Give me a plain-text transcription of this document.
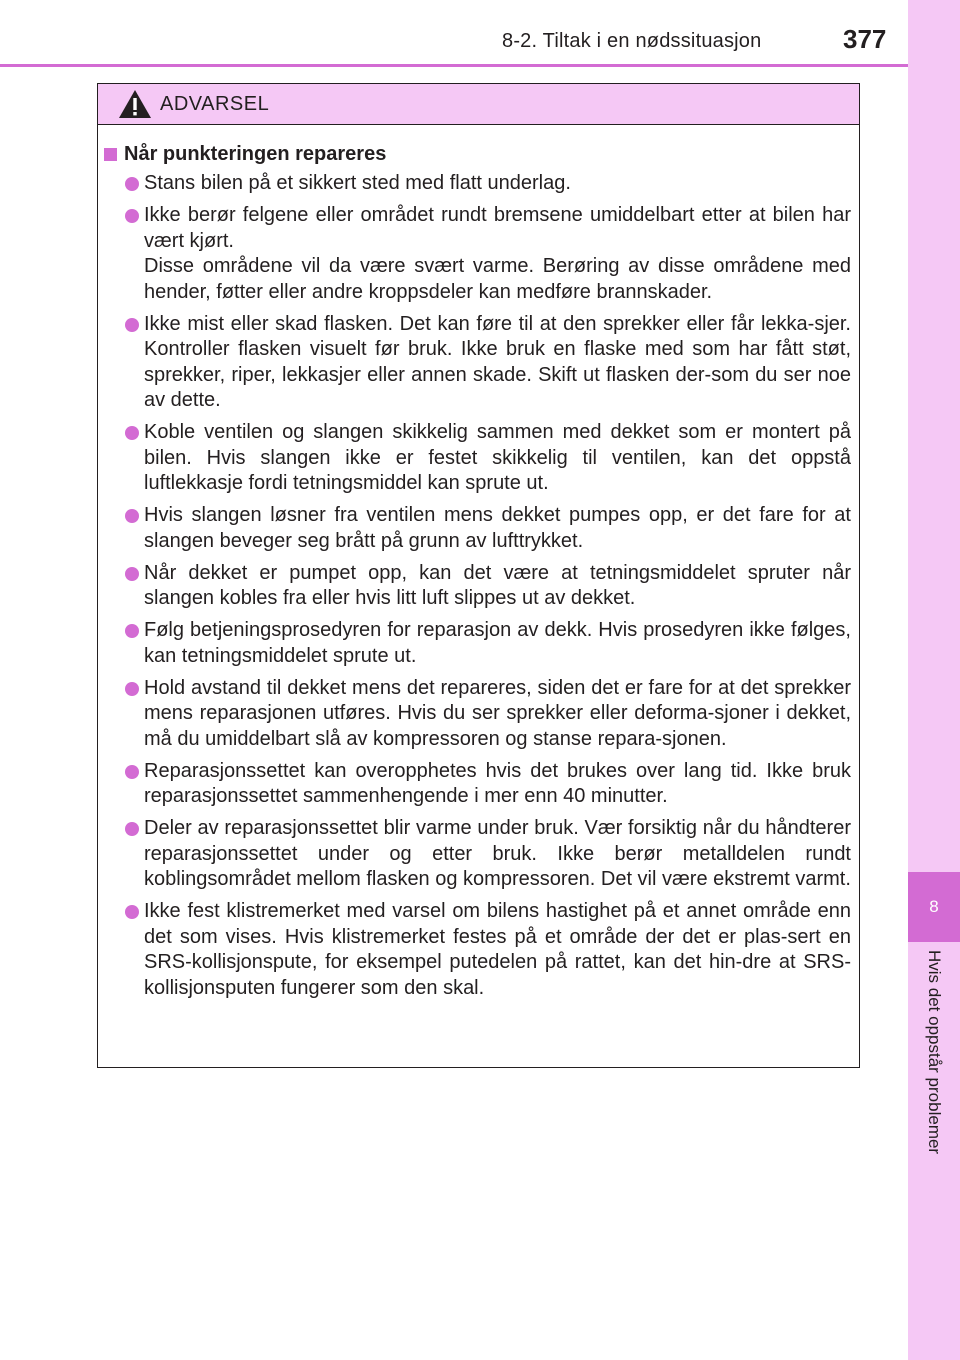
8
Hvis det oppstår problemer
8-2. Tiltak i en nødssituasjon	377
ADVARSEL
Når punkteringen repareres
Stans bilen på et sikkert sted med flatt underlag.
Ikke berør felgene eller området rundt bremsene umiddelbart etter at bilen har vært kjørt.
Disse områdene vil da være svært varme. Berøring av disse områdene med hender, føtter eller andre kroppsdeler kan medføre brannskader.
Ikke mist eller skad flasken. Det kan føre til at den sprekker eller får lekka-sjer. Kontroller flasken visuelt før bruk. Ikke bruk en flaske med som har fått støt, sprekker, riper, lekkasjer eller annen skade. Skift ut flasken der-som du ser noe av dette.
Koble ventilen og slangen skikkelig sammen med dekket som er montert på bilen. Hvis slangen ikke er festet skikkelig til ventilen, kan det oppstå luftlekkasje fordi tetningsmiddel kan sprute ut.
Hvis slangen løsner fra ventilen mens dekket pumpes opp, er det fare for at slangen beveger seg brått på grunn av lufttrykket.
Når dekket er pumpet opp, kan det være at tetningsmiddelet spruter når slangen kobles fra eller hvis litt luft slippes ut av dekket.
Følg betjeningsprosedyren for reparasjon av dekk. Hvis prosedyren ikke følges, kan tetningsmiddelet sprute ut.
Hold avstand til dekket mens det repareres, siden det er fare for at det sprekker mens reparasjonen utføres. Hvis du ser sprekker eller deforma-sjoner i dekket, må du umiddelbart slå av kompressoren og stanse repara-sjonen.
Reparasjonssettet kan overopphetes hvis det brukes over lang tid. Ikke bruk reparasjonssettet sammenhengende i mer enn 40 minutter.
Deler av reparasjonssettet blir varme under bruk. Vær forsiktig når du håndterer reparasjonssettet under og etter bruk. Ikke berør metalldelen rundt koblingsområdet mellom flasken og kompressoren. Det vil være ekstremt varmt.
Ikke fest klistremerket med varsel om bilens hastighet på et annet område enn det som vises. Hvis klistremerket festes på et område der det er plas-sert en SRS-kollisjonspute, for eksempel putedelen på rattet, kan det hin-dre at SRS-kollisjonsputen fungerer som den skal.
